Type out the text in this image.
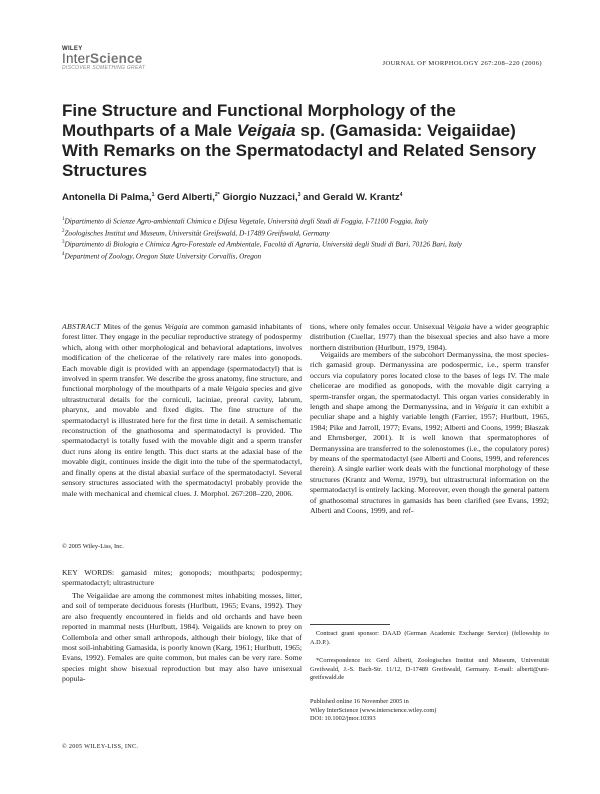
WILEY
InterScience
DISCOVER SOMETHING GREAT
JOURNAL OF MORPHOLOGY 267:208–220 (2006)
Fine Structure and Functional Morphology of the Mouthparts of a Male Veigaia sp. (Gamasida: Veigaiidae) With Remarks on the Spermatodactyl and Related Sensory Structures
Antonella Di Palma,$^1$ Gerd Alberti,$^{2*}$ Giorgio Nuzzaci,$^3$ and Gerald W. Krantz$^4$
$^1$Dipartimento di Scienze Agro-ambientali Chimica e Difesa Vegetale, Università degli Studi di Foggia, I-71100 Foggia, Italy
$^2$Zoologisches Institut und Museum, Universität Greifswald, D-17489 Greifswald, Germany
$^3$Dipartimento di Biologia e Chimica Agro-Forestale ed Ambientale, Facoltà di Agraria, Università degli Studi di Bari, 70126 Bari, Italy
$^4$Department of Zoology, Oregon State University Corvallis, Oregon
ABSTRACT Mites of the genus Veigaia are common gamasid inhabitants of forest litter. They engage in the peculiar reproductive strategy of podospermy which, along with other morphological and behavioral adaptations, involves modification of the chelicerae of the relatively rare males into gonopods. Each movable digit is provided with an appendage (spermatodactyl) that is involved in sperm transfer. We describe the gross anatomy, fine structure, and functional morphology of the mouthparts of a male Veigaia species and give ultrastructural details for the corniculi, laciniae, preoral cavity, labrum, pharynx, and movable and fixed digits. The fine structure of the spermatodactyl is illustrated here for the first time in detail. A semischematic reconstruction of the gnathosoma and spermatodactyl is provided. The spermatodactyl is totally fused with the movable digit and a sperm transfer duct runs along its entire length. This duct starts at the adaxial base of the movable digit, continues inside the digit into the tube of the spermatodactyl, and finally opens at the distal abaxial surface of the spermatodactyl. Several sensory structures associated with the spermatodactyl probably provide the male with mechanical and chemical clues. J. Morphol. 267:208–220, 2006.
© 2005 Wiley-Liss, Inc.
KEY WORDS: gamasid mites; gonopods; mouthparts; podospermy; spermatodactyl; ultrastructure
The Veigaiidae are among the commonest mites inhabiting mosses, litter, and soil of temperate deciduous forests (Hurlbutt, 1965; Evans, 1992). They are also frequently encountered in fields and old orchards and have been reported in mammal nests (Hurlbutt, 1984). Veigaiids are known to prey on Collembola and other small arthropods, although their biology, like that of most soil-inhabiting Gamasida, is poorly known (Karg, 1961; Hurlbutt, 1965; Evans, 1992). Females are quite common, but males can be very rare. Some species might show bisexual reproduction but may also have unisexual popula-
tions, where only females occur. Unisexual Veigaia have a wider geographic distribution (Cuellar, 1977) than the bisexual species and also have a more northern distribution (Hurlbutt, 1979, 1984).
Veigaiids are members of the subcohort Dermanyssina, the most species-rich gamasid group. Dermanyssina are podospermic, i.e., sperm transfer occurs via copulatory pores located close to the bases of legs IV. The male chelicerae are modified as gonopods, with the movable digit carrying a sperm-transfer organ, the spermatodactyl. This organ varies considerably in length and shape among the Dermanyssina, and in Veigaia it can exhibit a peculiar shape and a highly variable length (Farrier, 1957; Hurlbutt, 1965, 1984; Pike and Jarroll, 1977; Evans, 1992; Alberti and Coons, 1999; Błaszak and Ehrnsberger, 2001). It is well known that spermatophores of Dermanyssina are transferred to the solenostomes (i.e., the copulatory pores) by means of the spermatodactyl (see Alberti and Coons, 1999, and references therein). A single earlier work deals with the functional morphology of these structures (Krantz and Wernz, 1979), but ultrastructural information on the spermatodactyl is entirely lacking. Moreover, even though the general pattern of gnathosomal structures in gamasids has been clarified (see Evans, 1992; Alberti and Coons, 1999, and ref-
Contract grant sponsor: DAAD (German Academic Exchange Service) (fellowship to A.D.P.).
*Correspondence to: Gerd Alberti, Zoologisches Institut und Museum, Universität Greifswald, J.-S. Bach-Str. 11/12, D-17489 Greifswald, Germany. E-mail: alberti@uni-greifswald.de
Published online 16 November 2005 in
Wiley InterScience (www.interscience.wiley.com)
DOI: 10.1002/jmor.10393
© 2005 WILEY-LISS, INC.
